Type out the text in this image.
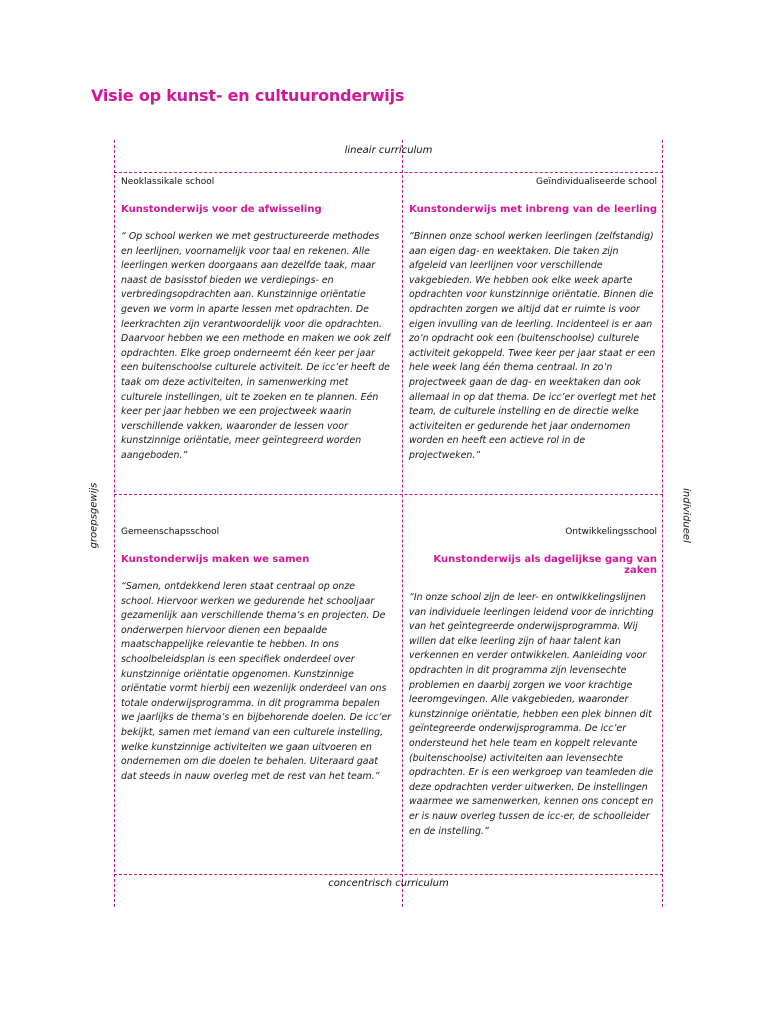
Visie op kunst- en cultuuronderwijs
lineair curriculum
concentrisch curriculum
groepsgewijs	individueel
Neoklassikale school
Kunstonderwijs voor de afwisseling
“ Op school werken we met gestructureerde methodes en leerlijnen, voornamelijk voor taal en rekenen. Alle leerlingen werken doorgaans aan dezelfde taak, maar naast de basisstof bieden we verdiepings- en verbredingsopdrachten aan. Kunstzinnige oriëntatie geven we vorm in aparte lessen met opdrachten. De leerkrachten zijn verantwoordelijk voor die opdrachten. Daarvoor hebben we een methode en maken we ook zelf opdrachten. Elke groep onderneemt één keer per jaar een buitenschoolse culturele activiteit. De icc’er heeft de taak om deze activiteiten, in samenwerking met culturele instellingen, uit te zoeken en te plannen. Eén keer per jaar hebben we een projectweek waarin verschillende vakken, waaronder de lessen voor kunstzinnige oriëntatie, meer geïntegreerd worden aangeboden.”
Geïndividualiseerde school
Kunstonderwijs met inbreng van de leerling
“Binnen onze school werken leerlingen (zelfstandig) aan eigen dag- en weektaken. Die taken zijn afgeleid van leerlijnen voor verschillende vakgebieden. We hebben ook elke week aparte opdrachten voor kunstzinnige oriëntatie. Binnen die opdrachten zorgen we altijd dat er ruimte is voor eigen invulling van de leerling. Incidenteel is er aan zo’n opdracht ook een (buitenschoolse) culturele activiteit gekoppeld. Twee keer per jaar staat er een hele week lang één thema centraal. In zo’n projectweek gaan de dag- en weektaken dan ook allemaal in op dat thema. De icc’er overlegt met het team, de culturele instelling en de directie welke activiteiten er gedurende het jaar ondernomen worden en heeft een actieve rol in de projectweken.”
Gemeenschapsschool
Kunstonderwijs maken we samen
“Samen, ontdekkend leren staat centraal op onze school. Hiervoor werken we gedurende het schooljaar gezamenlijk aan verschillende thema’s en projecten. De onderwerpen hiervoor dienen een bepaalde maatschappelijke relevantie te hebben. In ons schoolbeleidsplan is een specifiek onderdeel over kunstzinnige oriëntatie opgenomen. Kunstzinnige oriëntatie vormt hierbij een wezenlijk onderdeel van ons totale onderwijsprogramma. in dit programma bepalen we jaarlijks de thema’s en bijbehorende doelen. De icc’er bekijkt, samen met iemand van een culturele instelling, welke kunstzinnige activiteiten we gaan uitvoeren en ondernemen om die doelen te behalen. Uiteraard gaat dat steeds in nauw overleg met de rest van het team.”
Ontwikkelingsschool
Kunstonderwijs als dagelijkse gang van zaken
“In onze school zijn de leer- en ontwikkelingslijnen van individuele leerlingen leidend voor de inrichting van het geïntegreerde onderwijsprogramma. Wij willen dat elke leerling zijn of haar talent kan verkennen en verder ontwikkelen. Aanleiding voor opdrachten in dit programma zijn levensechte problemen en daarbij zorgen we voor krachtige leeromgevingen. Alle vakgebieden, waaronder kunstzinnige oriëntatie, hebben een plek binnen dit geïntegreerde onderwijsprogramma. De icc’er ondersteund het hele team en koppelt relevante (buitenschoolse) activiteiten aan levensechte opdrachten. Er is een werkgroep van teamleden die deze opdrachten verder uitwerken. De instellingen waarmee we samenwerken, kennen ons concept en er is nauw overleg tussen de icc-er, de schoolleider en de instelling.”
